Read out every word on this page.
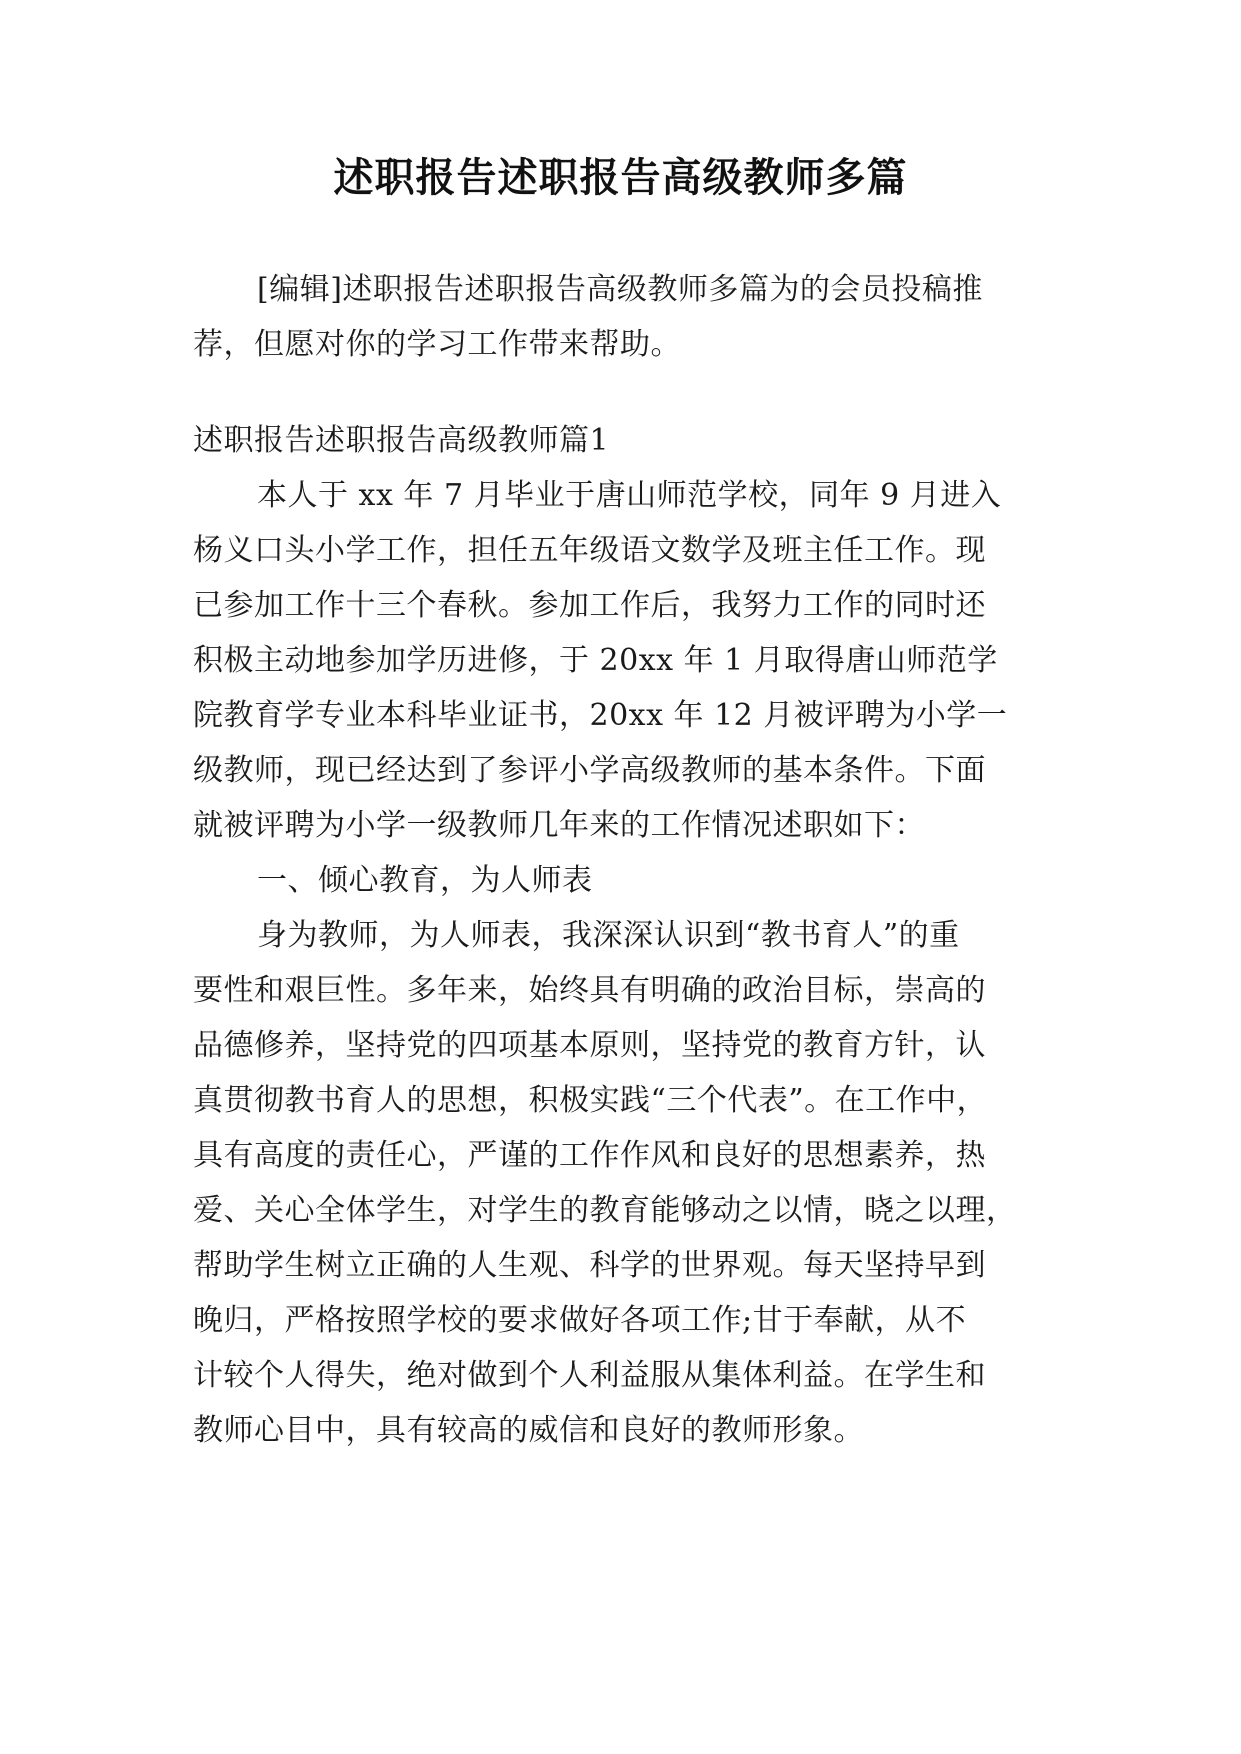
述职报告述职报告高级教师多篇
[编辑]述职报告述职报告高级教师多篇为的会员投稿推
荐，但愿对你的学习工作带来帮助。
述职报告述职报告高级教师篇1
本人于 xx 年 7 月毕业于唐山师范学校，同年 9 月进入
杨义口头小学工作，担任五年级语文数学及班主任工作。现
已参加工作十三个春秋。参加工作后，我努力工作的同时还
积极主动地参加学历进修，于 20xx 年 1 月取得唐山师范学
院教育学专业本科毕业证书，20xx 年 12 月被评聘为小学一
级教师，现已经达到了参评小学高级教师的基本条件。下面
就被评聘为小学一级教师几年来的工作情况述职如下：
一、倾心教育，为人师表
身为教师，为人师表，我深深认识到“教书育人”的重
要性和艰巨性。多年来，始终具有明确的政治目标，崇高的
品德修养，坚持党的四项基本原则，坚持党的教育方针，认
真贯彻教书育人的思想，积极实践“三个代表”。在工作中，
具有高度的责任心，严谨的工作作风和良好的思想素养，热
爱、关心全体学生，对学生的教育能够动之以情，晓之以理，
帮助学生树立正确的人生观、科学的世界观。每天坚持早到
晚归，严格按照学校的要求做好各项工作;甘于奉献，从不
计较个人得失，绝对做到个人利益服从集体利益。在学生和
教师心目中，具有较高的威信和良好的教师形象。
